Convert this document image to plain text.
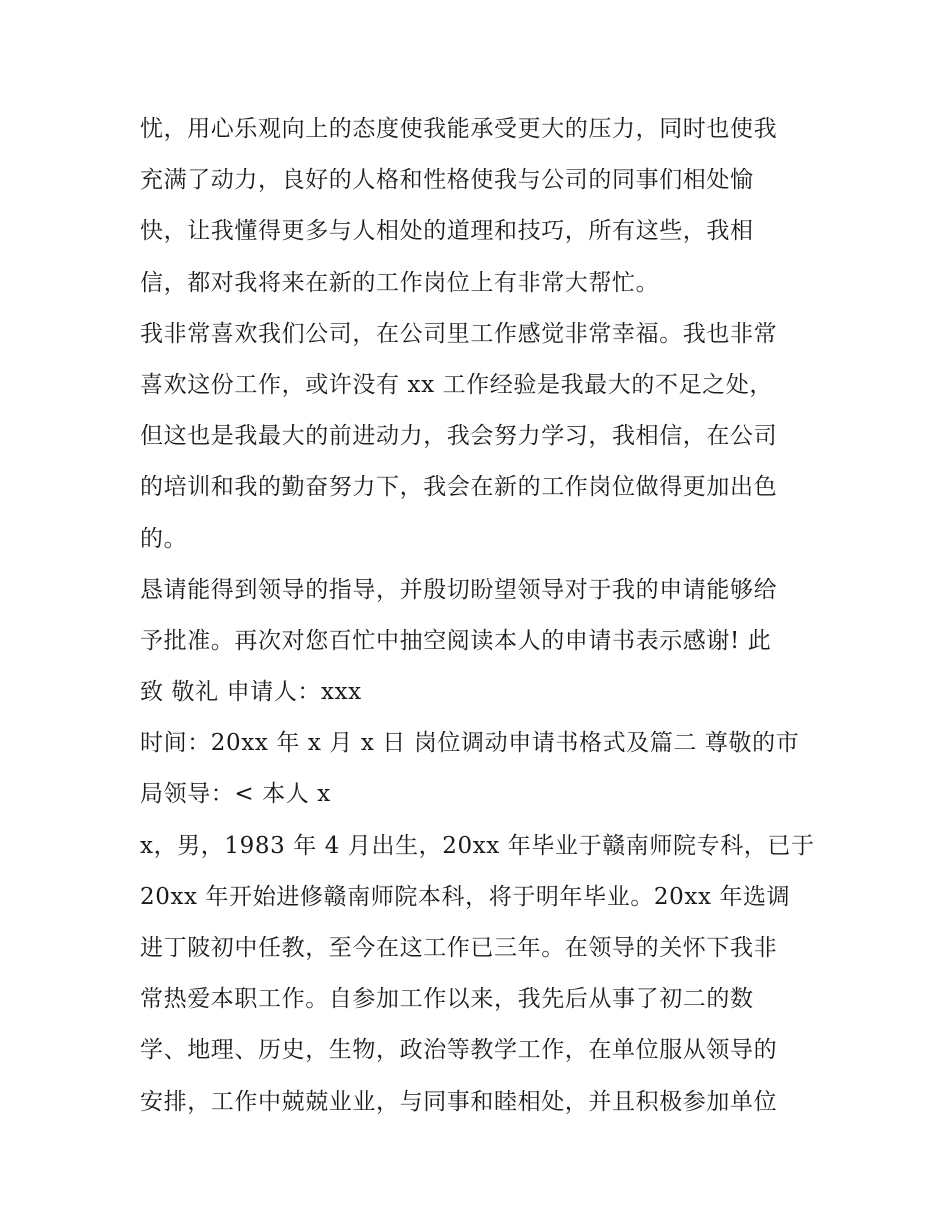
忧，用心乐观向上的态度使我能承受更大的压力，同时也使我
充满了动力，良好的人格和性格使我与公司的同事们相处愉
快，让我懂得更多与人相处的道理和技巧，所有这些，我相
信，都对我将来在新的工作岗位上有非常大帮忙。
我非常喜欢我们公司，在公司里工作感觉非常幸福。我也非常
喜欢这份工作，或许没有 xx 工作经验是我最大的不足之处，
但这也是我最大的前进动力，我会努力学习，我相信，在公司
的培训和我的勤奋努力下，我会在新的工作岗位做得更加出色
的。
恳请能得到领导的指导，并殷切盼望领导对于我的申请能够给
予批准。再次对您百忙中抽空阅读本人的申请书表示感谢! 此
致 敬礼 申请人：xxx
时间：20xx 年 x 月 x 日 岗位调动申请书格式及篇二 尊敬的市
局领导：< 本人 x
x，男，1983 年 4 月出生，20xx 年毕业于赣南师院专科，已于
20xx 年开始进修赣南师院本科，将于明年毕业。20xx 年选调
进丁陂初中任教，至今在这工作已三年。在领导的关怀下我非
常热爱本职工作。自参加工作以来，我先后从事了初二的数
学、地理、历史，生物，政治等教学工作，在单位服从领导的
安排，工作中兢兢业业，与同事和睦相处，并且积极参加单位
